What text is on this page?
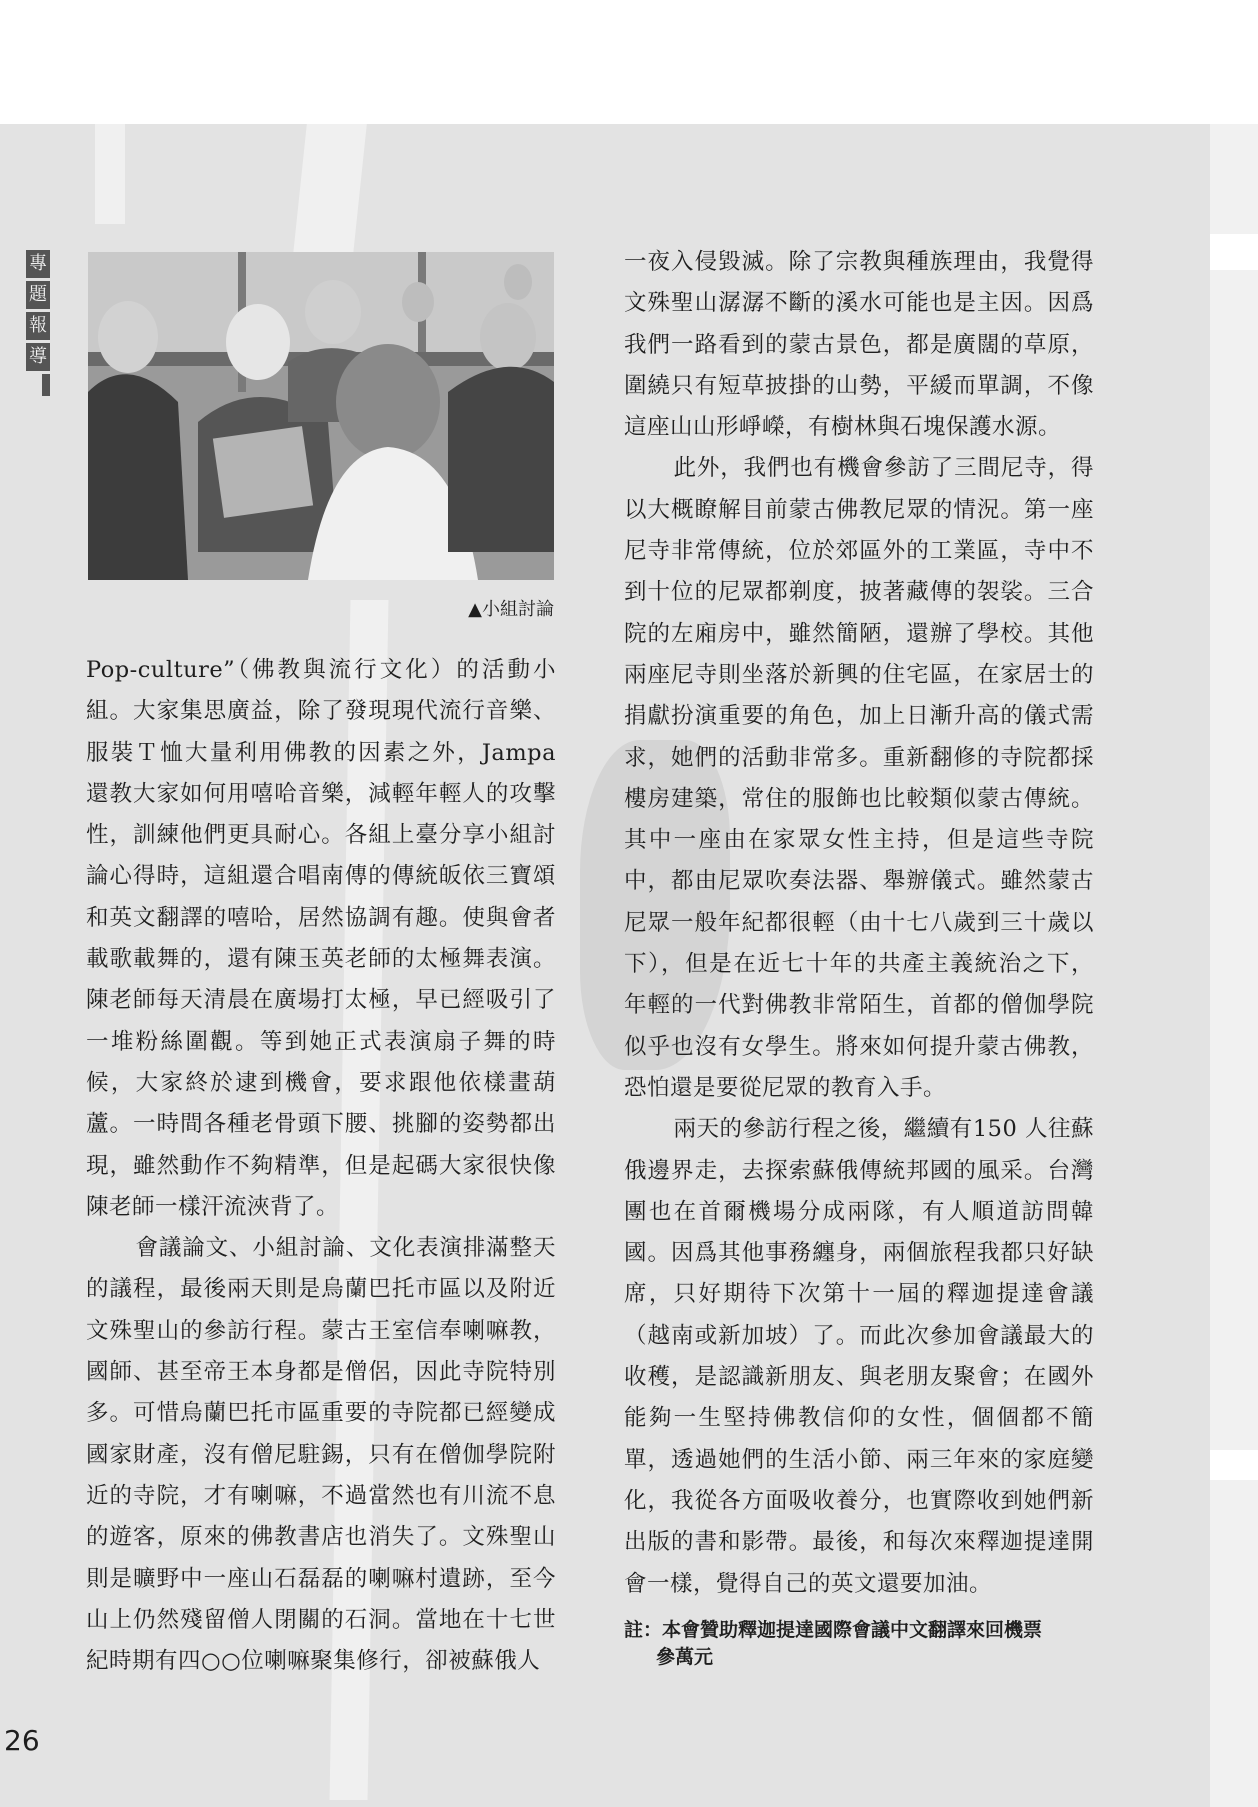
專
題
報
導
▲小組討論

Pop-culture”（佛教與流行文化）的活動小組。大家集思廣益，除了發現現代流行音樂、服裝Ｔ恤大量利用佛教的因素之外，Jampa 還教大家如何用嘻哈音樂，減輕年輕人的攻擊性，訓練他們更具耐心。各組上臺分享小組討論心得時，這組還合唱南傳的傳統皈依三寶頌和英文翻譯的嘻哈，居然協調有趣。使與會者載歌載舞的，還有陳玉英老師的太極舞表演。陳老師每天清晨在廣場打太極，早已經吸引了一堆粉絲圍觀。等到她正式表演扇子舞的時候，大家終於逮到機會，要求跟他依樣畫葫蘆。一時間各種老骨頭下腰、挑腳的姿勢都出現，雖然動作不夠精準，但是起碼大家很快像陳老師一樣汗流浹背了。

會議論文、小組討論、文化表演排滿整天的議程，最後兩天則是烏蘭巴托市區以及附近文殊聖山的參訪行程。蒙古王室信奉喇嘛教，國師、甚至帝王本身都是僧侶，因此寺院特別多。可惜烏蘭巴托市區重要的寺院都已經變成國家財產，沒有僧尼駐錫，只有在僧伽學院附近的寺院，才有喇嘛，不過當然也有川流不息的遊客，原來的佛教書店也消失了。文殊聖山則是曠野中一座山石磊磊的喇嘛村遺跡，至今山上仍然殘留僧人閉關的石洞。當地在十七世紀時期有四○○位喇嘛聚集修行，卻被蘇俄人

一夜入侵毀滅。除了宗教與種族理由，我覺得文殊聖山潺潺不斷的溪水可能也是主因。因爲我們一路看到的蒙古景色，都是廣闊的草原，圍繞只有短草披掛的山勢，平緩而單調，不像這座山山形崢嶸，有樹林與石塊保護水源。

此外，我們也有機會參訪了三間尼寺，得以大概瞭解目前蒙古佛教尼眾的情況。第一座尼寺非常傳統，位於郊區外的工業區，寺中不到十位的尼眾都剃度，披著藏傳的袈裟。三合院的左廂房中，雖然簡陋，還辦了學校。其他兩座尼寺則坐落於新興的住宅區，在家居士的捐獻扮演重要的角色，加上日漸升高的儀式需求，她們的活動非常多。重新翻修的寺院都採樓房建築，常住的服飾也比較類似蒙古傳統。其中一座由在家眾女性主持，但是這些寺院中，都由尼眾吹奏法器、舉辦儀式。雖然蒙古尼眾一般年紀都很輕（由十七八歲到三十歲以下），但是在近七十年的共產主義統治之下，年輕的一代對佛教非常陌生，首都的僧伽學院似乎也沒有女學生。將來如何提升蒙古佛教，恐怕還是要從尼眾的教育入手。

兩天的參訪行程之後，繼續有150 人往蘇俄邊界走，去探索蘇俄傳統邦國的風采。台灣團也在首爾機場分成兩隊，有人順道訪問韓國。因爲其他事務纏身，兩個旅程我都只好缺席，只好期待下次第十一屆的釋迦提達會議（越南或新加坡）了。而此次參加會議最大的收穫，是認識新朋友、與老朋友聚會；在國外能夠一生堅持佛教信仰的女性，個個都不簡單，透過她們的生活小節、兩三年來的家庭變化，我從各方面吸收養分，也實際收到她們新出版的書和影帶。最後，和每次來釋迦提達開會一樣，覺得自己的英文還要加油。

註：本會贊助釋迦提達國際會議中文翻譯來回機票
參萬元
26
